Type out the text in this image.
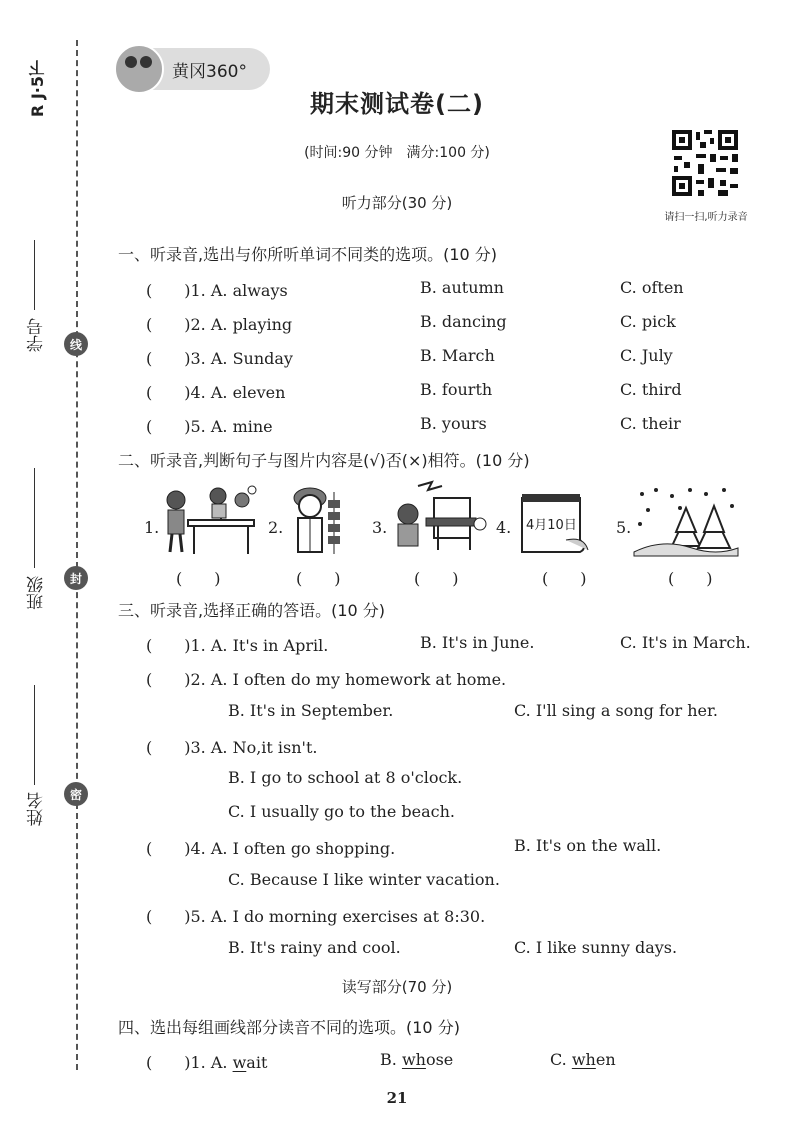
R J·5下
学号
班级
姓名
线
封
密
黄冈360°
期末测试卷(二)
(时间:90 分钟　满分:100 分)
听力部分(30 分)
请扫一扫,听力录音
一、听录音,选出与你所听单词不同类的选项。(10 分)
(　　)1. A. always	B. autumn	C. often
(　　)2. A. playing	B. dancing	C. pick
(　　)3. A. Sunday	B. March	C. July
(　　)4. A. eleven	B. fourth	C. third
(　　)5. A. mine	B. yours	C. their
二、听录音,判断句子与图片内容是(√)否(×)相符。(10 分)
1.
(　　)
2.
(　　)
3.
(　　)
4. 4月10日
(　　)
5.
(　　)
三、听录音,选择正确的答语。(10 分)
(　　)1. A. It's in April.	B. It's in June.	C. It's in March.
(　　)2. A. I often do my homework at home.
B. It's in September.	C. I'll sing a song for her.
(　　)3. A. No,it isn't.
B. I go to school at 8 o'clock.
C. I usually go to the beach.
(　　)4. A. I often go shopping.	B. It's on the wall.
C. Because I like winter vacation.
(　　)5. A. I do morning exercises at 8:30.
B. It's rainy and cool.	C. I like sunny days.
读写部分(70 分)
四、选出每组画线部分读音不同的选项。(10 分)
(　　)1. A. wait	B. whose	C. when
21
